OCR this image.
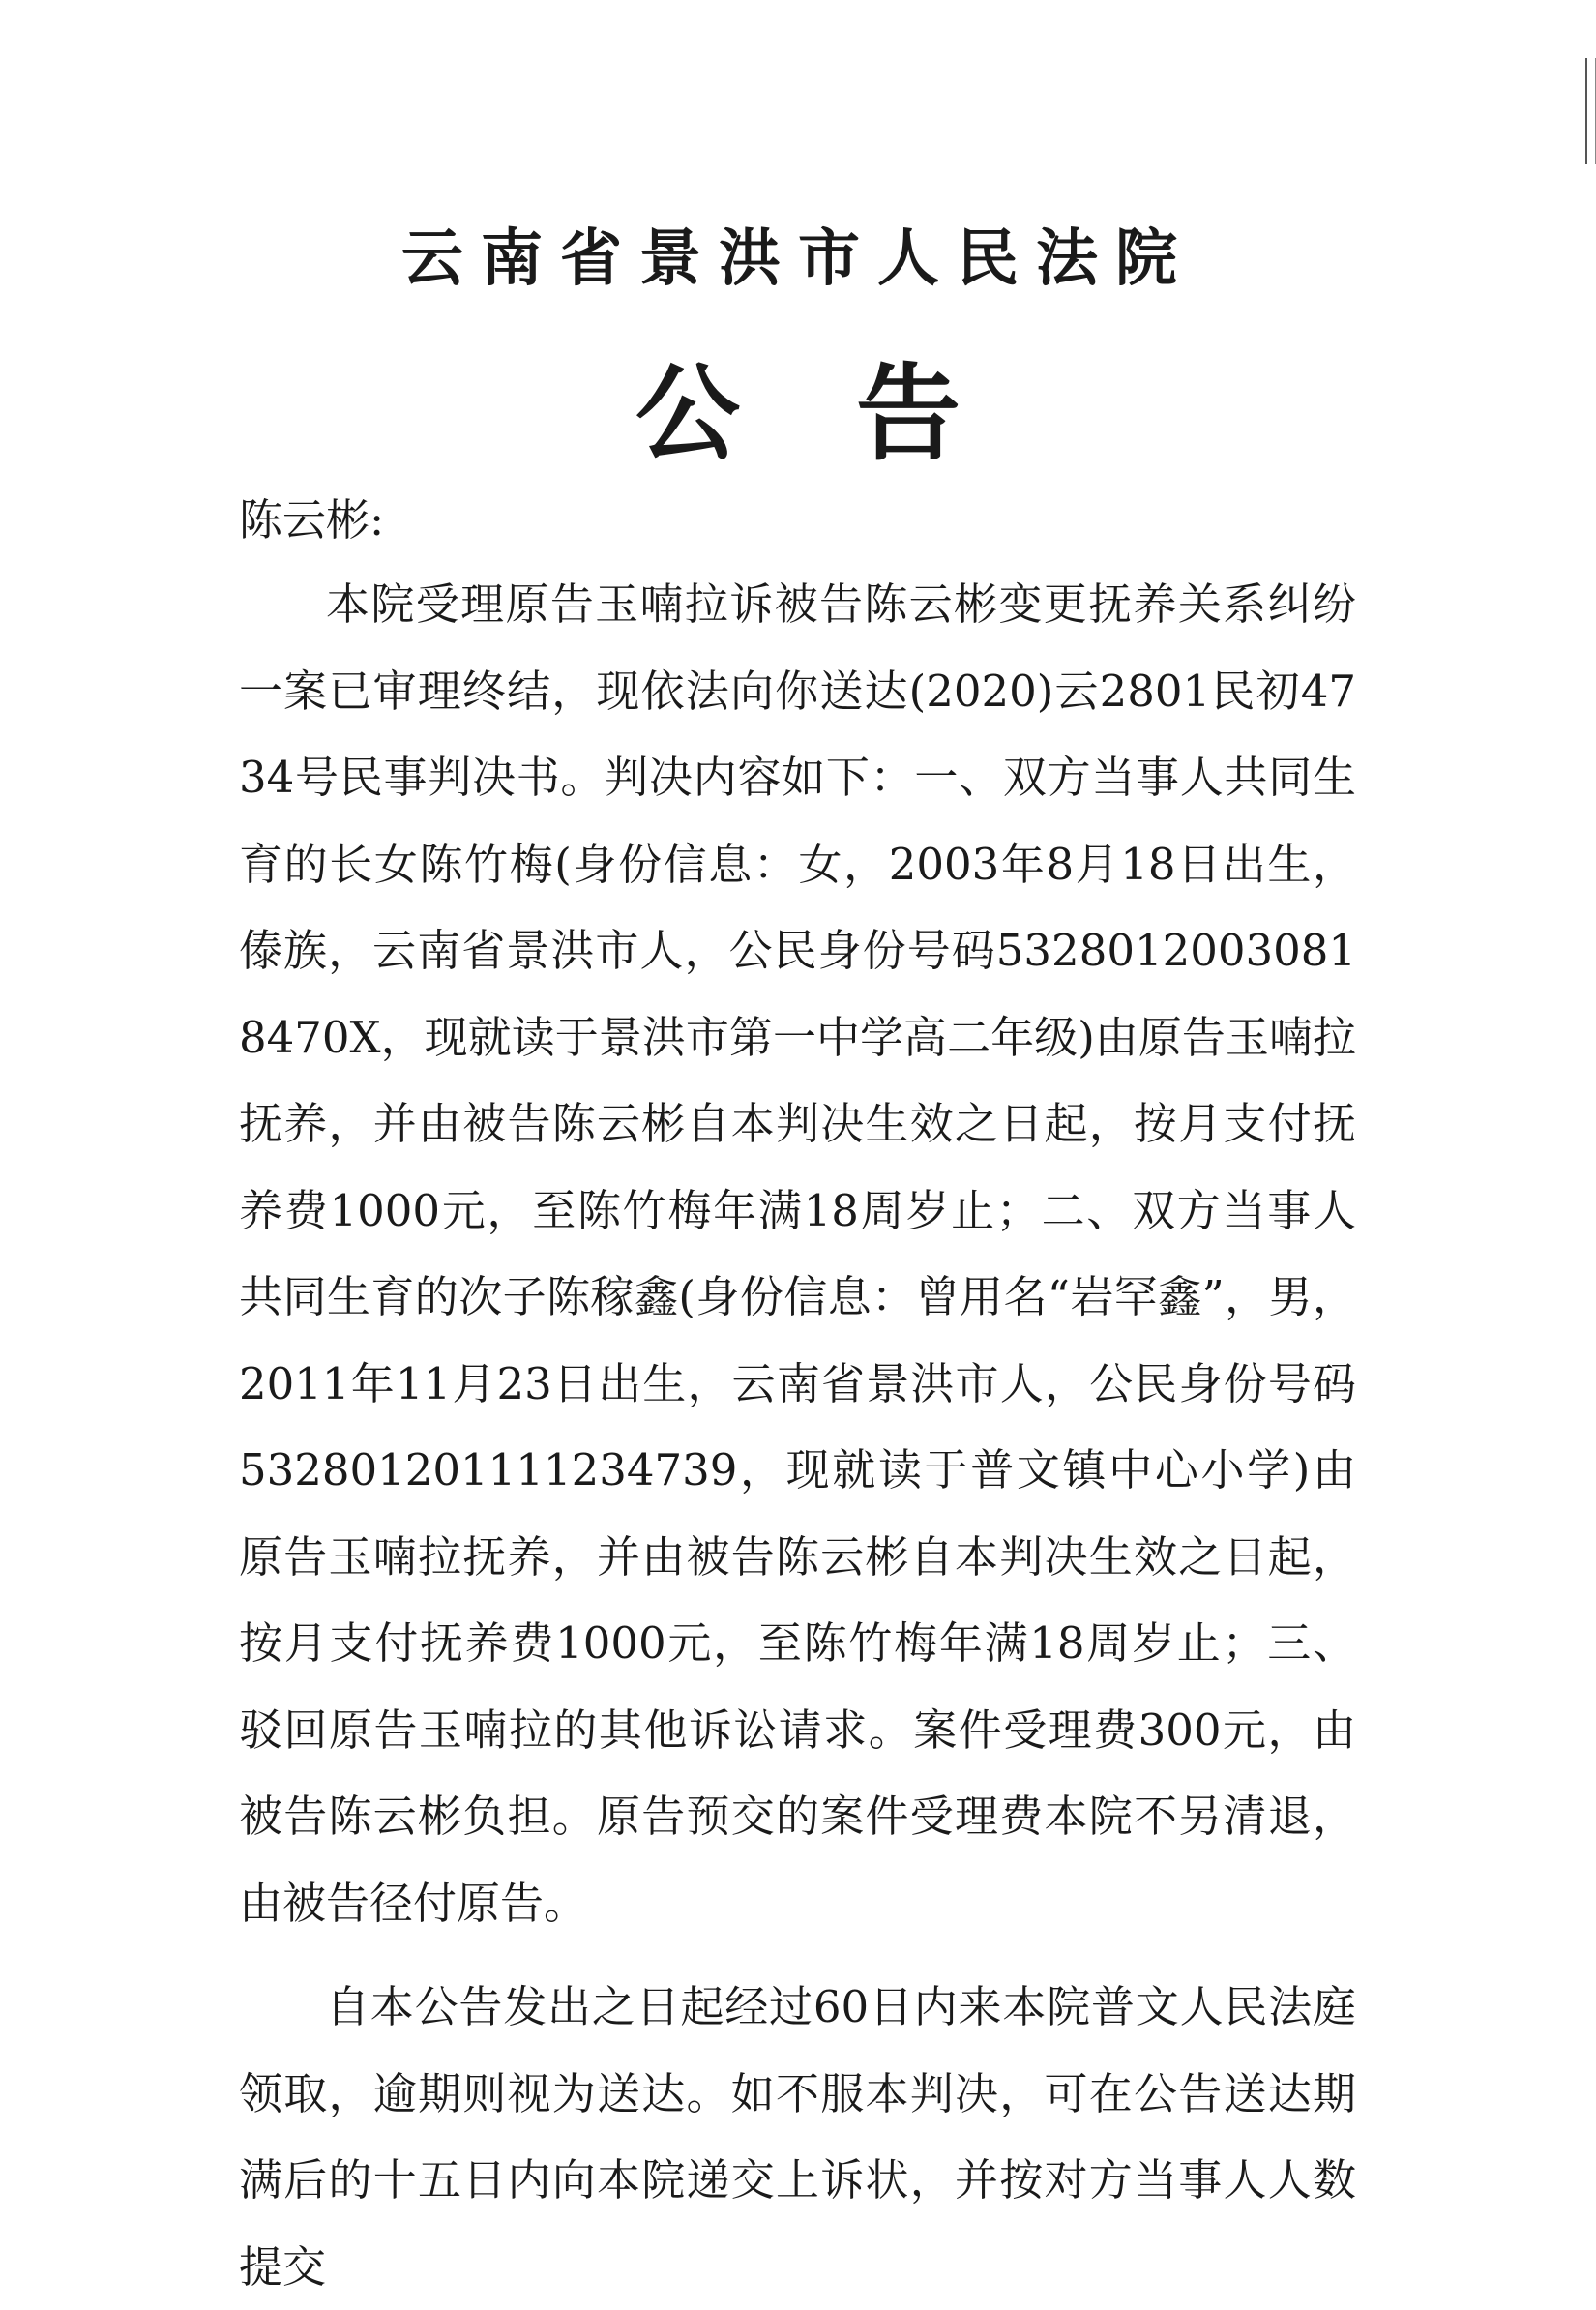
云南省景洪市人民法院
公告

陈云彬:

本院受理原告玉喃拉诉被告陈云彬变更抚养关系纠纷一案已审理终结，现依法向你送达(2020)云2801民初4734号民事判决书。判决内容如下：一、双方当事人共同生育的长女陈竹梅(身份信息：女，2003年8月18日出生，傣族，云南省景洪市人，公民身份号码53280120030818470X，现就读于景洪市第一中学高二年级)由原告玉喃拉抚养，并由被告陈云彬自本判决生效之日起，按月支付抚养费1000元，至陈竹梅年满18周岁止；二、双方当事人共同生育的次子陈稼鑫(身份信息：曾用名“岩罕鑫”，男，2011年11月23日出生，云南省景洪市人，公民身份号码532801201111234739，现就读于普文镇中心小学)由原告玉喃拉抚养，并由被告陈云彬自本判决生效之日起，按月支付抚养费1000元，至陈竹梅年满18周岁止；三、驳回原告玉喃拉的其他诉讼请求。案件受理费300元，由被告陈云彬负担。原告预交的案件受理费本院不另清退，由被告径付原告。

自本公告发出之日起经过60日内来本院普文人民法庭领取，逾期则视为送达。如不服本判决，可在公告送达期满后的十五日内向本院递交上诉状，并按对方当事人人数提交
